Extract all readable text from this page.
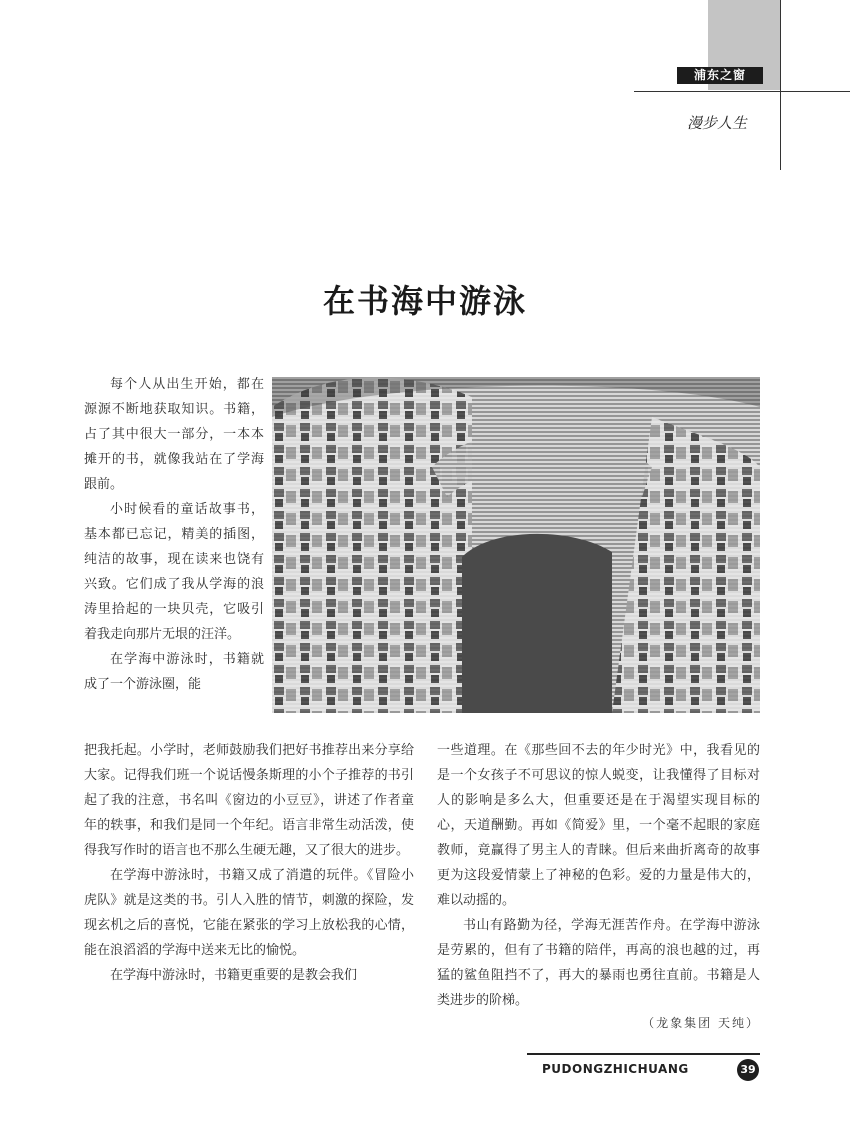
浦东之窗
漫步人生
在书海中游泳

每个人从出生开始，都在源源不断地获取知识。书籍，占了其中很大一部分，一本本摊开的书，就像我站在了学海跟前。

小时候看的童话故事书，基本都已忘记，精美的插图，纯洁的故事，现在读来也饶有兴致。它们成了我从学海的浪涛里拾起的一块贝壳，它吸引着我走向那片无垠的汪洋。

在学海中游泳时，书籍就成了一个游泳圈，能

把我托起。小学时，老师鼓励我们把好书推荐出来分享给大家。记得我们班一个说话慢条斯理的小个子推荐的书引起了我的注意，书名叫《窗边的小豆豆》，讲述了作者童年的轶事，和我们是同一个年纪。语言非常生动活泼，使得我写作时的语言也不那么生硬无趣，又了很大的进步。

在学海中游泳时，书籍又成了消遣的玩伴。《冒险小虎队》就是这类的书。引人入胜的情节，刺激的探险，发现玄机之后的喜悦，它能在紧张的学习上放松我的心情，能在浪滔滔的学海中送来无比的愉悦。

在学海中游泳时，书籍更重要的是教会我们

一些道理。在《那些回不去的年少时光》中，我看见的是一个女孩子不可思议的惊人蜕变，让我懂得了目标对人的影响是多么大，但重要还是在于渴望实现目标的心，天道酬勤。再如《简爱》里，一个毫不起眼的家庭教师，竟赢得了男主人的青睐。但后来曲折离奇的故事更为这段爱情蒙上了神秘的色彩。爱的力量是伟大的，难以动摇的。

书山有路勤为径，学海无涯苦作舟。在学海中游泳是劳累的，但有了书籍的陪伴，再高的浪也越的过，再猛的鲨鱼阻挡不了，再大的暴雨也勇往直前。书籍是人类进步的阶梯。

（龙象集团 天纯）
PUDONGZHICHUANG	39
